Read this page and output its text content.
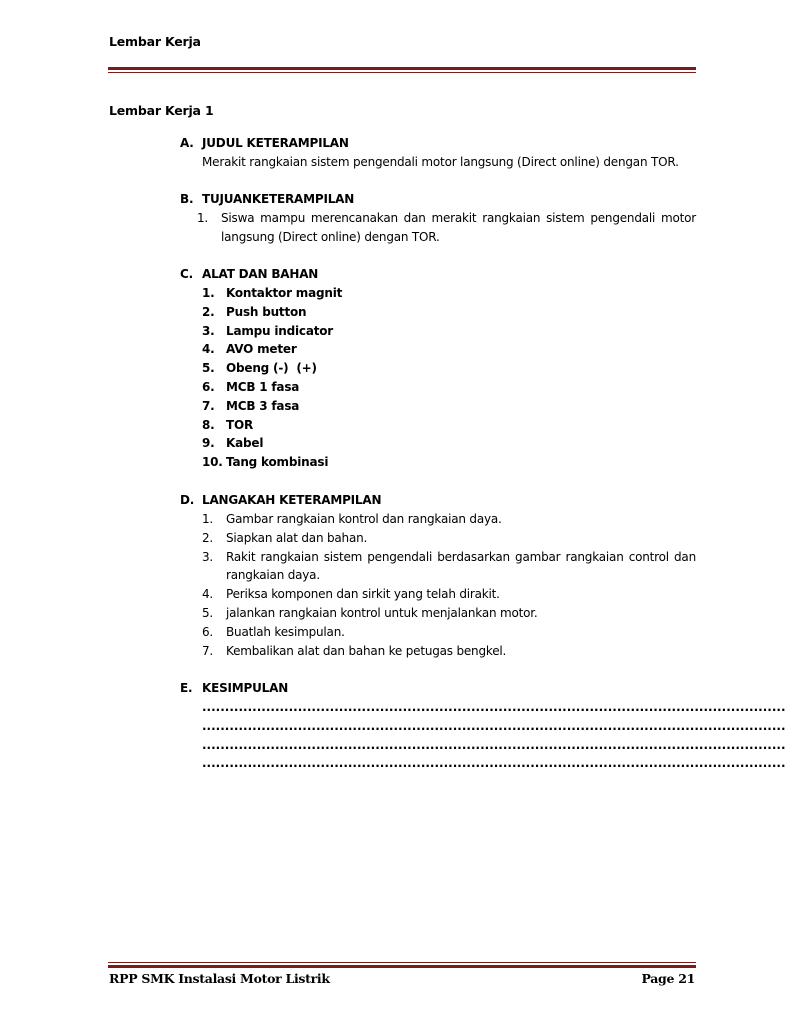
Lembar Kerja
Lembar Kerja 1
A. JUDUL KETERAMPILAN
Merakit rangkaian sistem pengendali motor langsung (Direct online) dengan TOR.
B. TUJUANKETERAMPILAN
1.	Siswa mampu merencanakan dan merakit rangkaian sistem pengendali motor langsung (Direct online) dengan TOR.
C. ALAT DAN BAHAN
1. Kontaktor magnit
2. Push button
3. Lampu indicator
4. AVO meter
5. Obeng (-)  (+)
6. MCB 1 fasa
7. MCB 3 fasa
8. TOR
9. Kabel
10. Tang kombinasi
D. LANGAKAH KETERAMPILAN
1.	Gambar rangkaian kontrol dan rangkaian daya.
2.	Siapkan alat dan bahan.
3.	Rakit rangkaian sistem pengendali berdasarkan gambar rangkaian control dan rangkaian daya.
4.	Periksa komponen dan sirkit yang telah dirakit.
5.	jalankan rangkaian kontrol untuk menjalankan motor.
6.	Buatlah kesimpulan.
7.	Kembalikan alat dan bahan ke petugas bengkel.
E. KESIMPULAN
................................................................................................................................
................................................................................................................................
................................................................................................................................
................................................................................................................................
RPP SMK Instalasi Motor Listrik	Page 21
